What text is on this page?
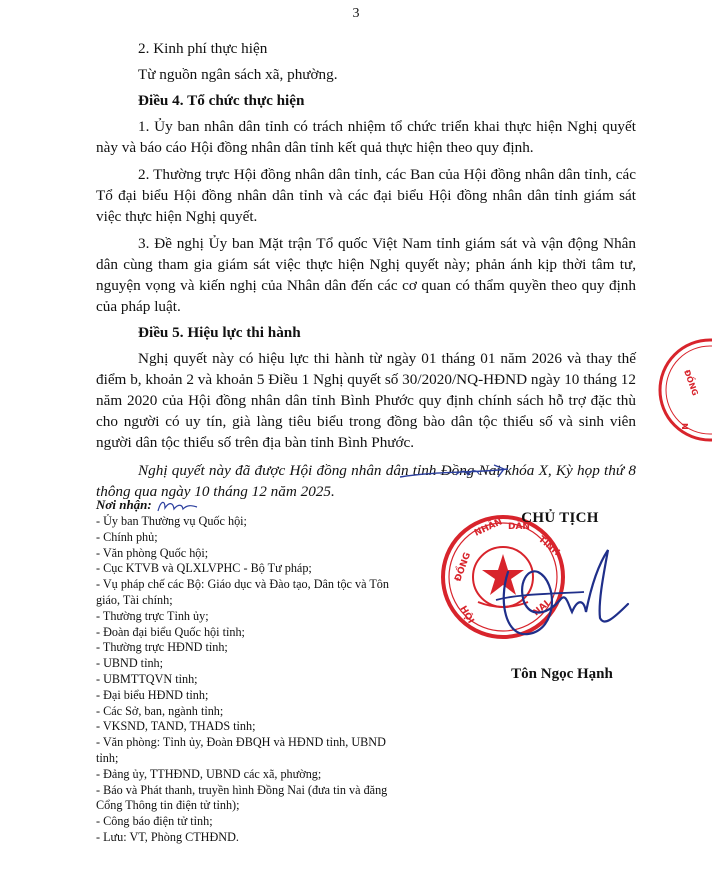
3

2. Kinh phí thực hiện

Từ nguồn ngân sách xã, phường.

Điều 4. Tổ chức thực hiện

1. Ủy ban nhân dân tỉnh có trách nhiệm tổ chức triển khai thực hiện Nghị quyết này và báo cáo Hội đồng nhân dân tỉnh kết quả thực hiện theo quy định.

2. Thường trực Hội đồng nhân dân tỉnh, các Ban của Hội đồng nhân dân tỉnh, các Tổ đại biểu Hội đồng nhân dân tỉnh và các đại biểu Hội đồng nhân dân tỉnh giám sát việc thực hiện Nghị quyết.

3. Đề nghị Ủy ban Mặt trận Tổ quốc Việt Nam tỉnh giám sát và vận động Nhân dân cùng tham gia giám sát việc thực hiện Nghị quyết này; phản ánh kịp thời tâm tư, nguyện vọng và kiến nghị của Nhân dân đến các cơ quan có thẩm quyền theo quy định của pháp luật.

Điều 5. Hiệu lực thi hành

Nghị quyết này có hiệu lực thi hành từ ngày 01 tháng 01 năm 2026 và thay thế điểm b, khoản 2 và khoản 5 Điều 1 Nghị quyết số 30/2020/NQ-HĐND ngày 10 tháng 12 năm 2020 của Hội đồng nhân dân tỉnh Bình Phước quy định chính sách hỗ trợ đặc thù cho người có uy tín, già làng tiêu biểu trong đồng bào dân tộc thiểu số và sinh viên người dân tộc thiểu số trên địa bàn tỉnh Bình Phước.

Nghị quyết này đã được Hội đồng nhân dân tỉnh Đồng Nai khóa X, Kỳ họp thứ 8 thông qua ngày 10 tháng 12 năm 2025.

Nơi nhận:
- Ủy ban Thường vụ Quốc hội;
- Chính phủ;
- Văn phòng Quốc hội;
- Cục KTVB và QLXLVPHC - Bộ Tư pháp;
- Vụ pháp chế các Bộ: Giáo dục và Đào tạo, Dân tộc và Tôn giáo, Tài chính;
- Thường trực Tỉnh ủy;
- Đoàn đại biểu Quốc hội tỉnh;
- Thường trực HĐND tỉnh;
- UBND tỉnh;
- UBMTTQVN tỉnh;
- Đại biểu HĐND tỉnh;
- Các Sở, ban, ngành tỉnh;
- VKSND, TAND, THADS tỉnh;
- Văn phòng: Tỉnh ủy, Đoàn ĐBQH và HĐND tỉnh, UBND tỉnh;
- Đảng ủy, TTHĐND, UBND các xã, phường;
- Báo và Phát thanh, truyền hình Đồng Nai (đưa tin và đăng Cổng Thông tin điện tử tỉnh);
- Công báo điện tử tỉnh;
- Lưu: VT, Phòng CTHĐND.
ĐỒNG
NHÂN DÂN
TỈNH
NAI
HỘI
CHỦ TỊCH
Tôn Ngọc Hạnh
ĐỒNG
N
